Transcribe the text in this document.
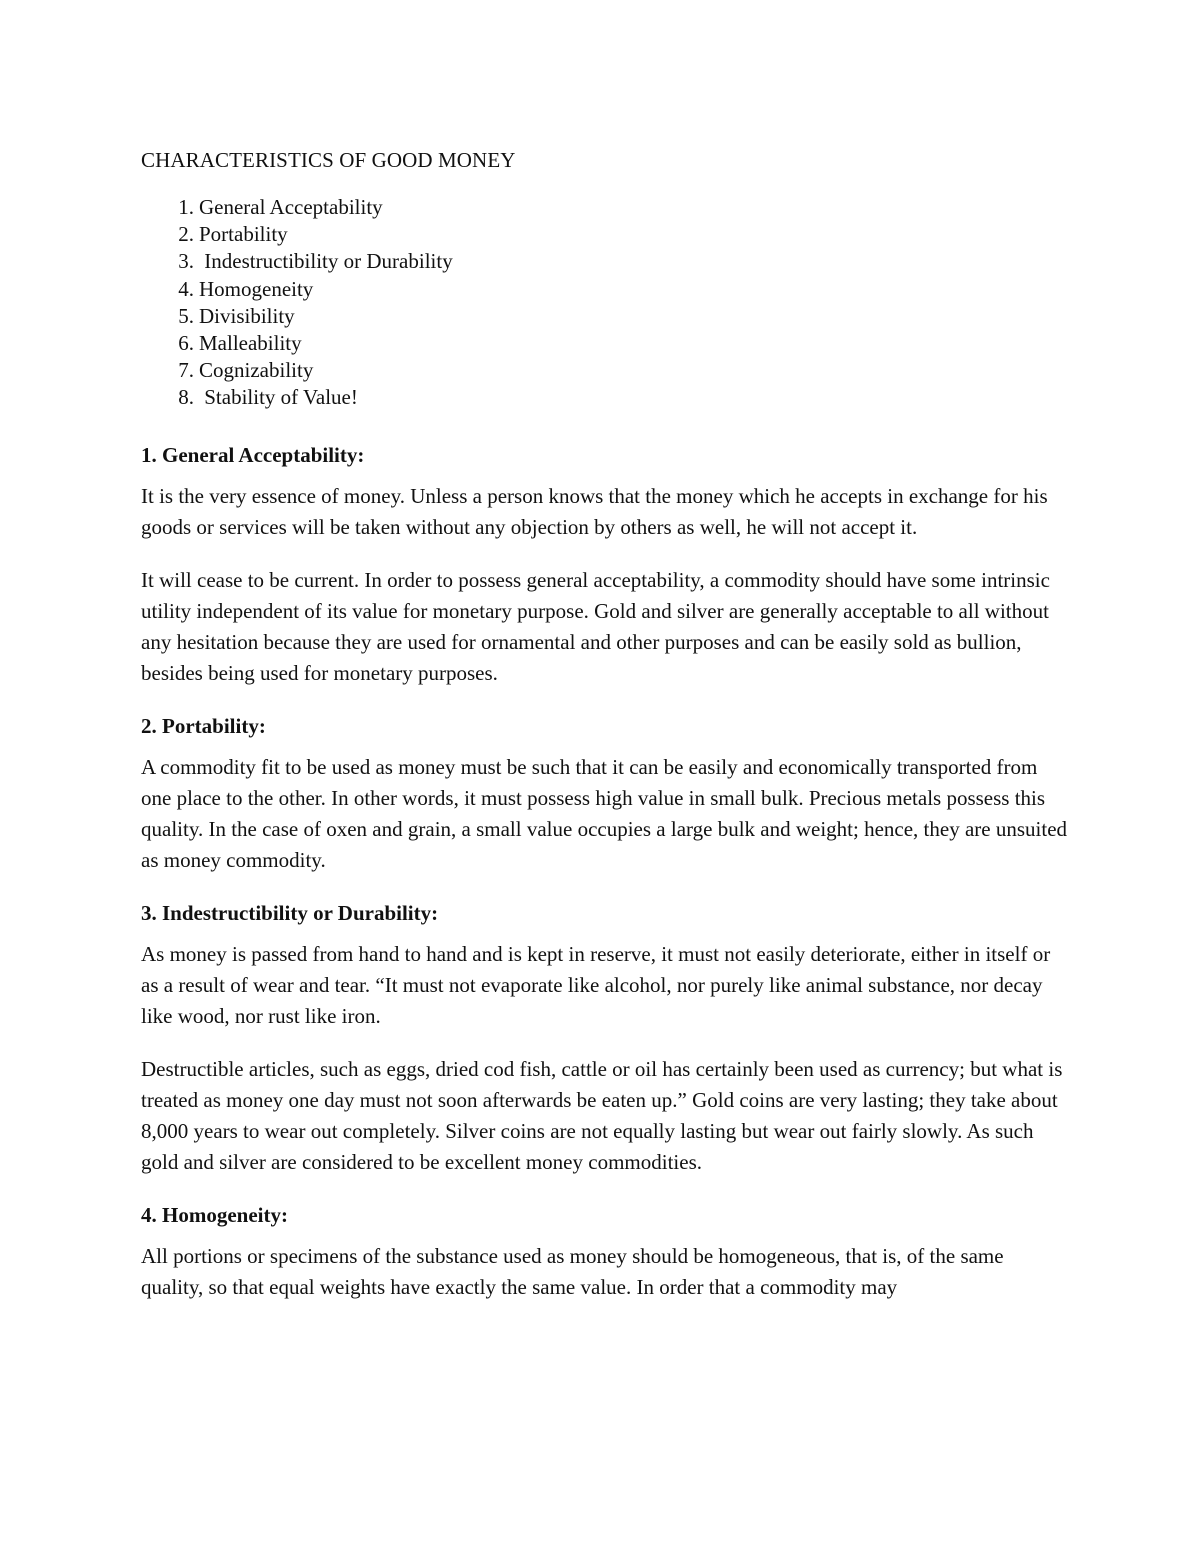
CHARACTERISTICS OF GOOD MONEY
1. General Acceptability
2. Portability
3. Indestructibility or Durability
4. Homogeneity
5. Divisibility
6. Malleability
7. Cognizability
8. Stability of Value!
1. General Acceptability:

It is the very essence of money. Unless a person knows that the money which he accepts in exchange for his goods or services will be taken without any objection by others as well, he will not accept it.

It will cease to be current. In order to possess general acceptability, a commodity should have some intrinsic utility independent of its value for monetary purpose. Gold and silver are generally acceptable to all without any hesitation because they are used for ornamental and other purposes and can be easily sold as bullion, besides being used for monetary purposes.

2. Portability:

A commodity fit to be used as money must be such that it can be easily and economically transported from one place to the other. In other words, it must possess high value in small bulk. Precious metals possess this quality. In the case of oxen and grain, a small value occupies a large bulk and weight; hence, they are unsuited as money commodity.

3. Indestructibility or Durability:

As money is passed from hand to hand and is kept in reserve, it must not easily deteriorate, either in itself or as a result of wear and tear. “It must not evaporate like alcohol, nor purely like animal substance, nor decay like wood, nor rust like iron.

Destructible articles, such as eggs, dried cod fish, cattle or oil has certainly been used as currency; but what is treated as money one day must not soon afterwards be eaten up.” Gold coins are very lasting; they take about 8,000 years to wear out completely. Silver coins are not equally lasting but wear out fairly slowly. As such gold and silver are considered to be excellent money commodities.

4. Homogeneity:

All portions or specimens of the substance used as money should be homogeneous, that is, of the same quality, so that equal weights have exactly the same value. In order that a commodity may
